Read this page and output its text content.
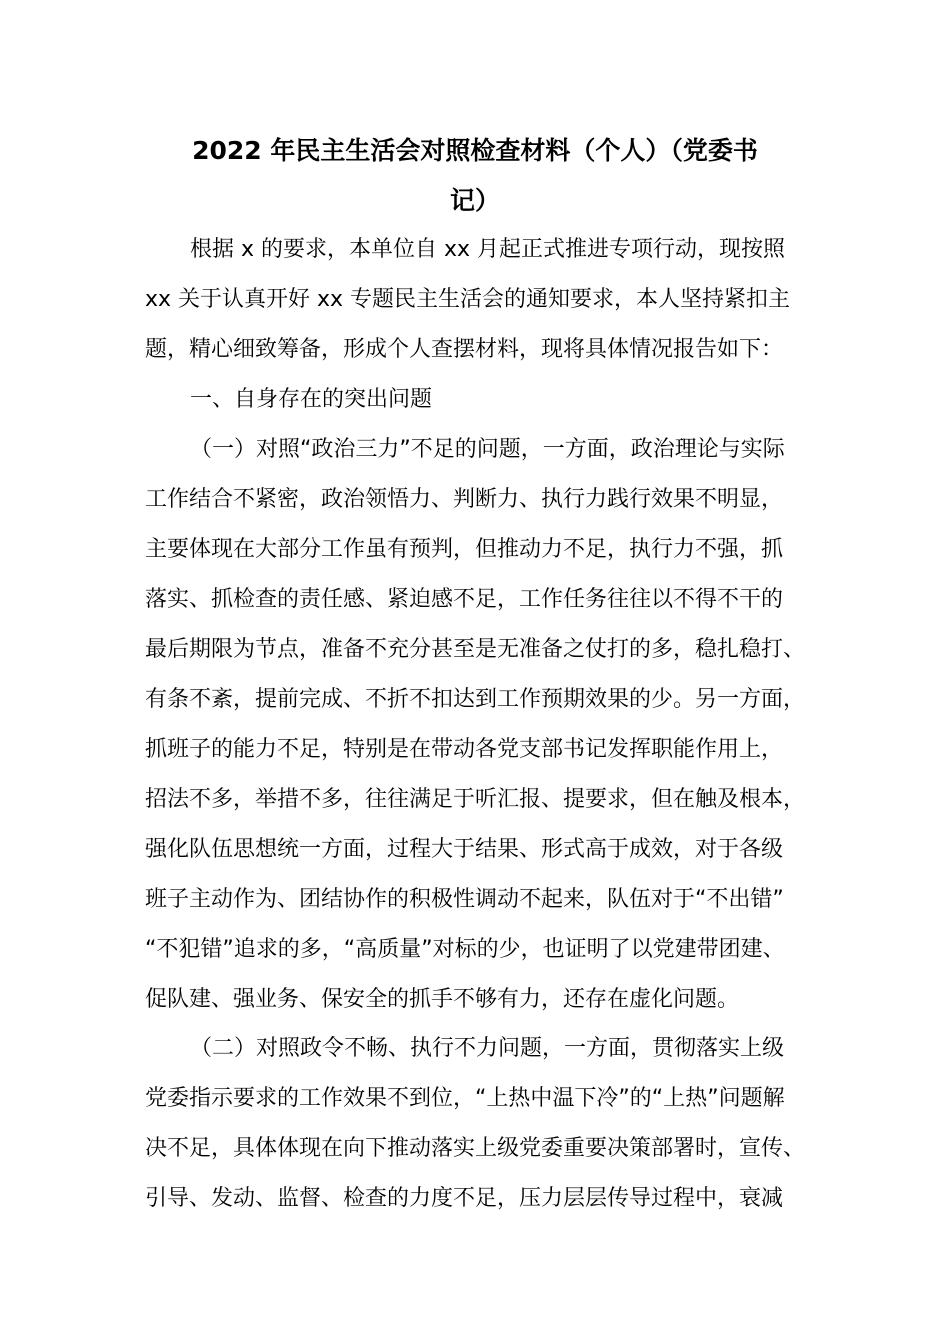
2022 年民主生活会对照检查材料（个人）（党委书
记）
根据 x 的要求，本单位自 xx 月起正式推进专项行动，现按照
xx 关于认真开好 xx 专题民主生活会的通知要求，本人坚持紧扣主
题，精心细致筹备，形成个人查摆材料，现将具体情况报告如下：
一、自身存在的突出问题
（一）对照“政治三力”不足的问题，一方面，政治理论与实际
工作结合不紧密，政治领悟力、判断力、执行力践行效果不明显，
主要体现在大部分工作虽有预判，但推动力不足，执行力不强，抓
落实、抓检查的责任感、紧迫感不足，工作任务往往以不得不干的
最后期限为节点，准备不充分甚至是无准备之仗打的多，稳扎稳打、
有条不紊，提前完成、不折不扣达到工作预期效果的少。另一方面，
抓班子的能力不足，特别是在带动各党支部书记发挥职能作用上，
招法不多，举措不多，往往满足于听汇报、提要求，但在触及根本，
强化队伍思想统一方面，过程大于结果、形式高于成效，对于各级
班子主动作为、团结协作的积极性调动不起来，队伍对于“不出错”
“不犯错”追求的多，“高质量”对标的少，也证明了以党建带团建、
促队建、强业务、保安全的抓手不够有力，还存在虚化问题。
（二）对照政令不畅、执行不力问题，一方面，贯彻落实上级
党委指示要求的工作效果不到位，“上热中温下冷”的“上热”问题解
决不足，具体体现在向下推动落实上级党委重要决策部署时，宣传、
引导、发动、监督、检查的力度不足，压力层层传导过程中，衰减
